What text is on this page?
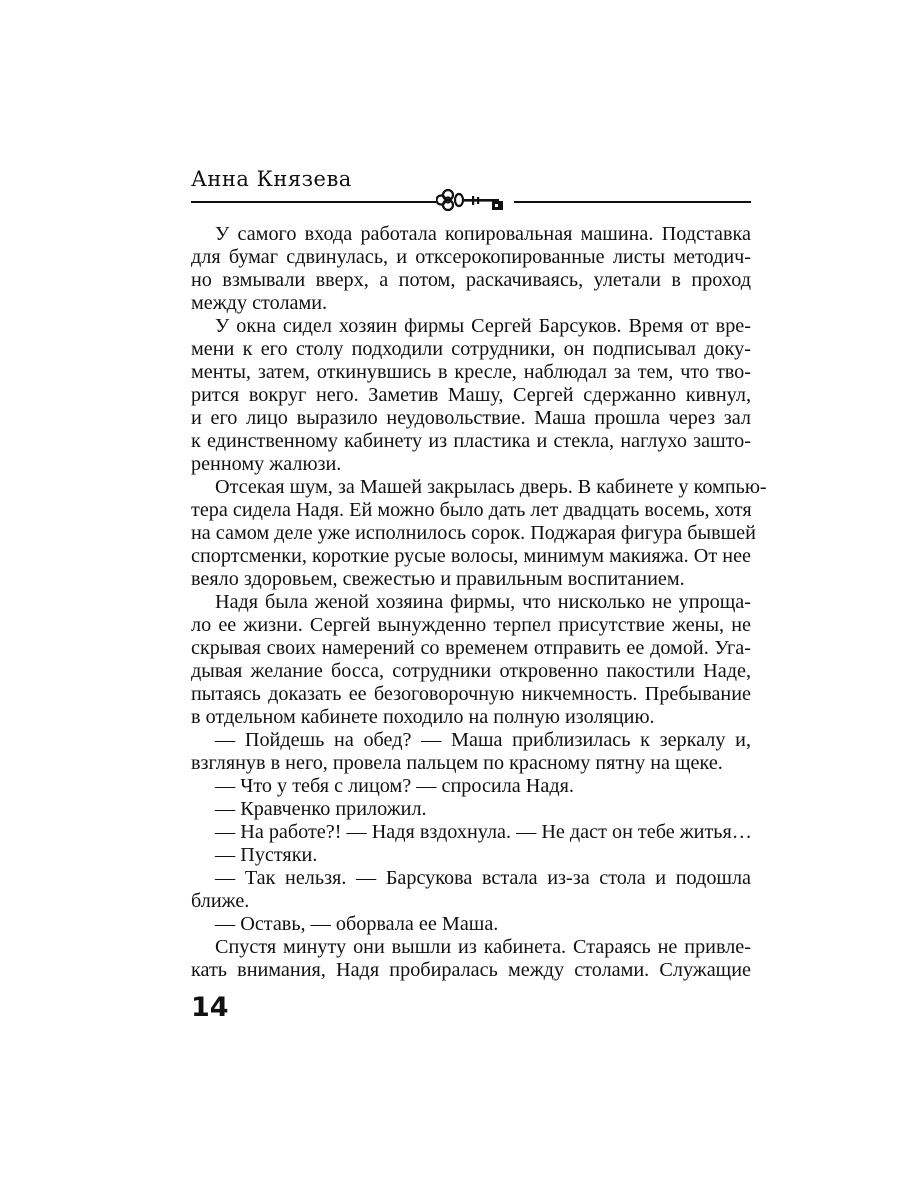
Анна Князева
У самого входа работала копировальная машина. Подставка
для бумаг сдвинулась, и отксерокопированные листы методич-
но взмывали вверх, а потом, раскачиваясь, улетали в проход
между столами.
У окна сидел хозяин фирмы Сергей Барсуков. Время от вре-
мени к его столу подходили сотрудники, он подписывал доку-
менты, затем, откинувшись в кресле, наблюдал за тем, что тво-
рится вокруг него. Заметив Машу, Сергей сдержанно кивнул,
и его лицо выразило неудовольствие. Маша прошла через зал
к единственному кабинету из пластика и стекла, наглухо зашто-
ренному жалюзи.
Отсекая шум, за Машей закрылась дверь. В кабинете у компью-
тера сидела Надя. Ей можно было дать лет двадцать восемь, хотя
на самом деле уже исполнилось сорок. Поджарая фигура бывшей
спортсменки, короткие русые волосы, минимум макияжа. От нее
веяло здоровьем, свежестью и правильным воспитанием.
Надя была женой хозяина фирмы, что нисколько не упроща-
ло ее жизни. Сергей вынужденно терпел присутствие жены, не
скрывая своих намерений со временем отправить ее домой. Уга-
дывая желание босса, сотрудники откровенно пакостили Наде,
пытаясь доказать ее безоговорочную никчемность. Пребывание
в отдельном кабинете походило на полную изоляцию.
— Пойдешь на обед? — Маша приблизилась к зеркалу и,
взглянув в него, провела пальцем по красному пятну на щеке.
— Что у тебя с лицом? — спросила Надя.
— Кравченко приложил.
— На работе?! — Надя вздохнула. — Не даст он тебе житья…
— Пустяки.
— Так нельзя. — Барсукова встала из-за стола и подошла
ближе.
— Оставь, — оборвала ее Маша.
Спустя минуту они вышли из кабинета. Стараясь не привле-
кать внимания, Надя пробиралась между столами. Служащие
14
